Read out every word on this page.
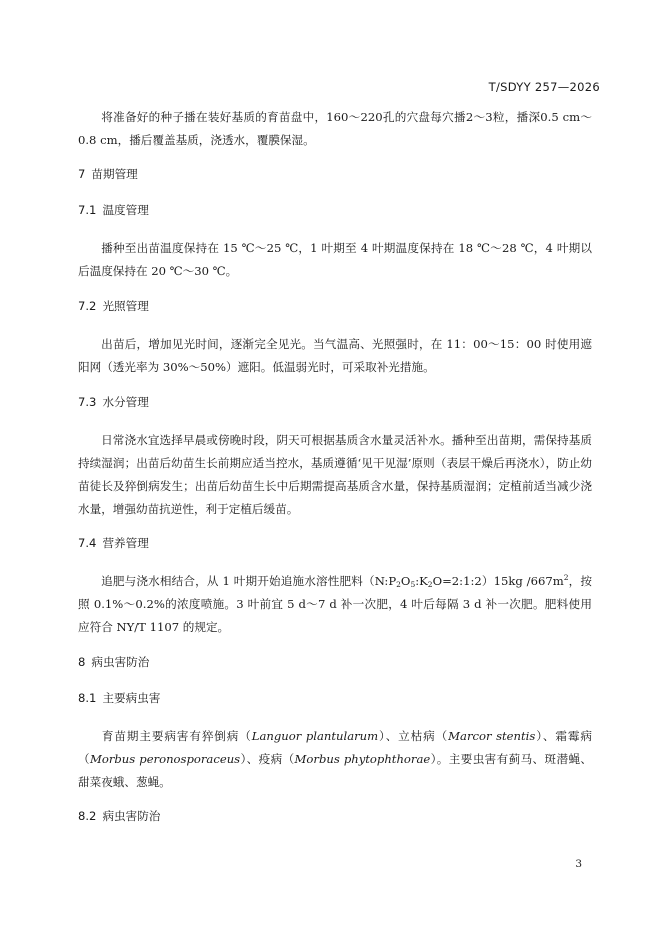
T/SDYY 257—2026

将准备好的种子播在装好基质的育苗盘中，160～220孔的穴盘每穴播2～3粒，播深0.5 cm～0.8 cm，播后覆盖基质，浇透水，覆膜保湿。

7 苗期管理
7.1 温度管理

播种至出苗温度保持在 15 ℃～25 ℃，1 叶期至 4 叶期温度保持在 18 ℃～28 ℃，4 叶期以后温度保持在 20 ℃～30 ℃。

7.2 光照管理

出苗后，增加见光时间，逐渐完全见光。当气温高、光照强时，在 11：00～15：00 时使用遮阳网（透光率为 30%～50%）遮阳。低温弱光时，可采取补光措施。

7.3 水分管理

日常浇水宜选择早晨或傍晚时段，阴天可根据基质含水量灵活补水。播种至出苗期，需保持基质持续湿润；出苗后幼苗生长前期应适当控水，基质遵循‘见干见湿’原则（表层干燥后再浇水），防止幼苗徒长及猝倒病发生；出苗后幼苗生长中后期需提高基质含水量，保持基质湿润；定植前适当减少浇水量，增强幼苗抗逆性，利于定植后缓苗。

7.4 营养管理

追肥与浇水相结合，从 1 叶期开始追施水溶性肥料$(N:P_2O_5:K_2O=2:1:2)15kg$ $/667m^2$，按照 0.1%～0.2%的浓度喷施。3 叶前宜 5 d～7 d 补一次肥，4 叶后每隔 3 d 补一次肥。肥料使用应符合 NY/T 1107 的规定。

8 病虫害防治
8.1 主要病虫害

育苗期主要病害有猝倒病（Languor plantularum）、立枯病（Marcor stentis）、霜霉病（Morbus peronosporaceus）、疫病（Morbus phytophthorae）。主要虫害有蓟马、斑潜蝇、甜菜夜蛾、葱蝇。

8.2 病虫害防治
3
